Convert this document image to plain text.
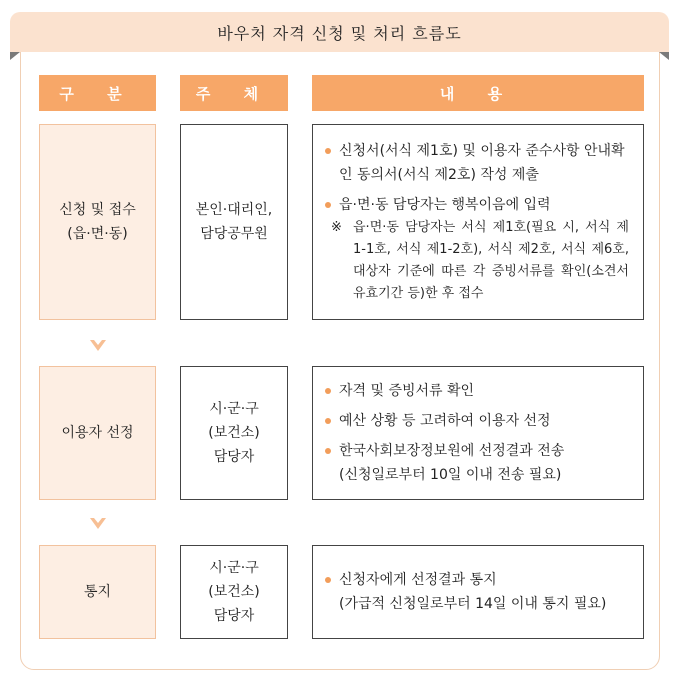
바우처 자격 신청 및 처리 흐름도
구 분	주 체	내 용
신청 및 접수
(읍·면·동)
본인·대리인,
담당공무원
신청서(서식 제1호) 및 이용자 준수사항 안내확인 동의서(서식 제2호) 작성 제출
읍·면·동 담당자는 행복이음에 입력
※ 읍·면·동 담당자는 서식 제1호(필요 시, 서식 제1-1호, 서식 제1-2호), 서식 제2호, 서식 제6호, 대상자 기준에 따른 각 증빙서류를 확인(소견서 유효기간 등)한 후 접수
이용자 선정
시·군·구
(보건소)
담당자
자격 및 증빙서류 확인
예산 상황 등 고려하여 이용자 선정
한국사회보장정보원에 선정결과 전송
(신청일로부터 10일 이내 전송 필요)
통지
시·군·구
(보건소)
담당자
신청자에게 선정결과 통지
(가급적 신청일로부터 14일 이내 통지 필요)
